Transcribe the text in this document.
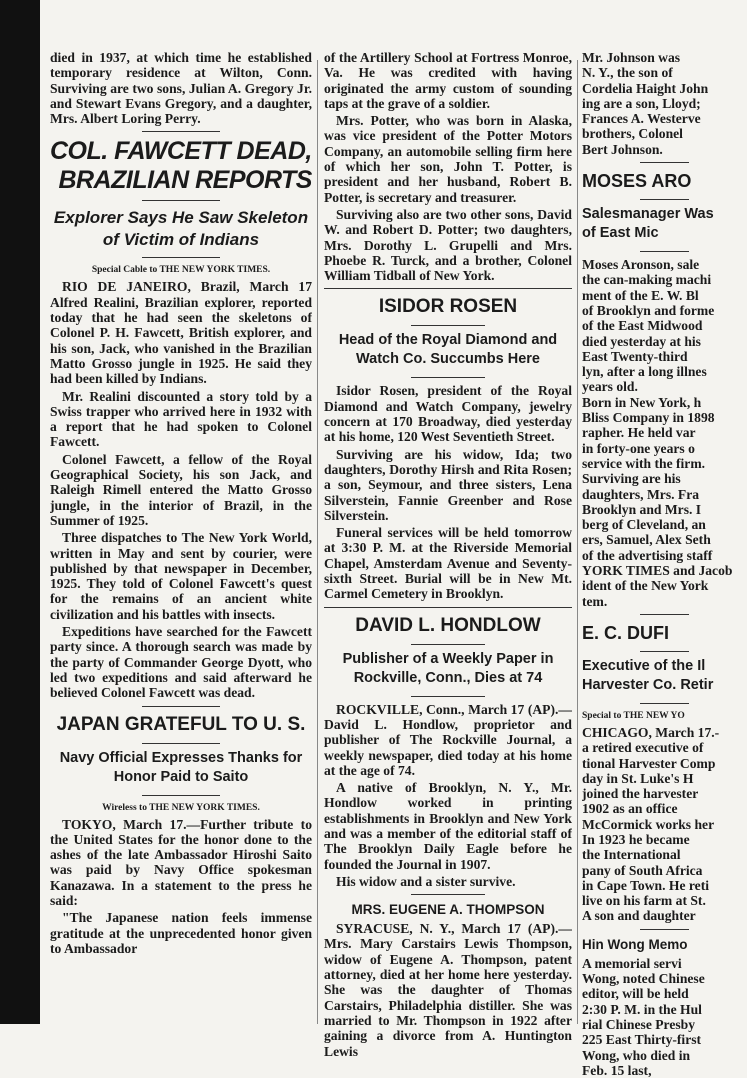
died in 1937, at which time he established temporary residence at Wilton, Conn. Surviving are two sons, Julian A. Gregory Jr. and Stewart Evans Gregory, and a daughter, Mrs. Albert Loring Perry.

COL. FAWCETT DEAD,
BRAZILIAN REPORTS
Explorer Says He Saw Skeleton of Victim of Indians
Special Cable to THE NEW YORK TIMES.

RIO DE JANEIRO, Brazil, March 17 Alfred Realini, Brazilian explorer, reported today that he had seen the skeletons of Colonel P. H. Fawcett, British explorer, and his son, Jack, who vanished in the Brazilian Matto Grosso jungle in 1925. He said they had been killed by Indians.

Mr. Realini discounted a story told by a Swiss trapper who arrived here in 1932 with a report that he had spoken to Colonel Fawcett.

Colonel Fawcett, a fellow of the Royal Geographical Society, his son Jack, and Raleigh Rimell entered the Matto Grosso jungle, in the interior of Brazil, in the Summer of 1925.

Three dispatches to The New York World, written in May and sent by courier, were published by that newspaper in December, 1925. They told of Colonel Fawcett's quest for the remains of an ancient white civilization and his battles with insects.

Expeditions have searched for the Fawcett party since. A thorough search was made by the party of Commander George Dyott, who led two expeditions and said afterward he believed Colonel Fawcett was dead.

JAPAN GRATEFUL TO U. S.
Navy Official Expresses Thanks for Honor Paid to Saito
Wireless to THE NEW YORK TIMES.

TOKYO, March 17.—Further tribute to the United States for the honor done to the ashes of the late Ambassador Hiroshi Saito was paid by Navy Office spokesman Kanazawa. In a statement to the press he said:

"The Japanese nation feels immense gratitude at the unprecedented honor given to Ambassador

of the Artillery School at Fortress Monroe, Va. He was credited with having originated the army custom of sounding taps at the grave of a soldier.

Mrs. Potter, who was born in Alaska, was vice president of the Potter Motors Company, an automobile selling firm here of which her son, John T. Potter, is president and her husband, Robert B. Potter, is secretary and treasurer.

Surviving also are two other sons, David W. and Robert D. Potter; two daughters, Mrs. Dorothy L. Grupelli and Mrs. Phoebe R. Turck, and a brother, Colonel William Tidball of New York.

ISIDOR ROSEN
Head of the Royal Diamond and Watch Co. Succumbs Here

Isidor Rosen, president of the Royal Diamond and Watch Company, jewelry concern at 170 Broadway, died yesterday at his home, 120 West Seventieth Street.

Surviving are his widow, Ida; two daughters, Dorothy Hirsh and Rita Rosen; a son, Seymour, and three sisters, Lena Silverstein, Fannie Greenber and Rose Silverstein.

Funeral services will be held tomorrow at 3:30 P. M. at the Riverside Memorial Chapel, Amsterdam Avenue and Seventy-sixth Street. Burial will be in New Mt. Carmel Cemetery in Brooklyn.

DAVID L. HONDLOW
Publisher of a Weekly Paper in Rockville, Conn., Dies at 74

ROCKVILLE, Conn., March 17 (AP).—David L. Hondlow, proprietor and publisher of The Rockville Journal, a weekly newspaper, died today at his home at the age of 74.

A native of Brooklyn, N. Y., Mr. Hondlow worked in printing establishments in Brooklyn and New York and was a member of the editorial staff of The Brooklyn Daily Eagle before he founded the Journal in 1907.

His widow and a sister survive.

MRS. EUGENE A. THOMPSON

SYRACUSE, N. Y., March 17 (AP).—Mrs. Mary Carstairs Lewis Thompson, widow of Eugene A. Thompson, patent attorney, died at her home here yesterday. She was the daughter of Thomas Carstairs, Philadelphia distiller. She was married to Mr. Thompson in 1922 after gaining a divorce from A. Huntington Lewis

Mr. Johnson was

N. Y., the son of

Cordelia Haight John

ing are a son, Lloyd;

Frances A. Westerve

brothers, Colonel

Bert Johnson.

MOSES ARO
Salesmanager Was
of East Mic

Moses Aronson, sale

the can-making machi

ment of the E. W. Bl

of Brooklyn and forme

of the East Midwood

died yesterday at his

East Twenty-third

lyn, after a long illnes

years old.

Born in New York, h

Bliss Company in 1898

rapher. He held var

in forty-one years o

service with the firm.

Surviving are his

daughters, Mrs. Fra

Brooklyn and Mrs. I

berg of Cleveland, an

ers, Samuel, Alex Seth

of the advertising staff

YORK TIMES and Jacob

ident of the New York

tem.

E. C. DUFI
Executive of the Il
Harvester Co. Retir
Special to THE NEW YO

CHICAGO, March 17.-

a retired executive of

tional Harvester Comp

day in St. Luke's H

joined the harvester

1902 as an office

McCormick works her

In 1923 he became

the International

pany of South Africa

in Cape Town. He reti

live on his farm at St.

A son and daughter

Hin Wong Memo

A memorial servi

Wong, noted Chinese

editor, will be held

2:30 P. M. in the Hul

rial Chinese Presby

225 East Thirty-first

Wong, who died in

Feb. 15 last,
